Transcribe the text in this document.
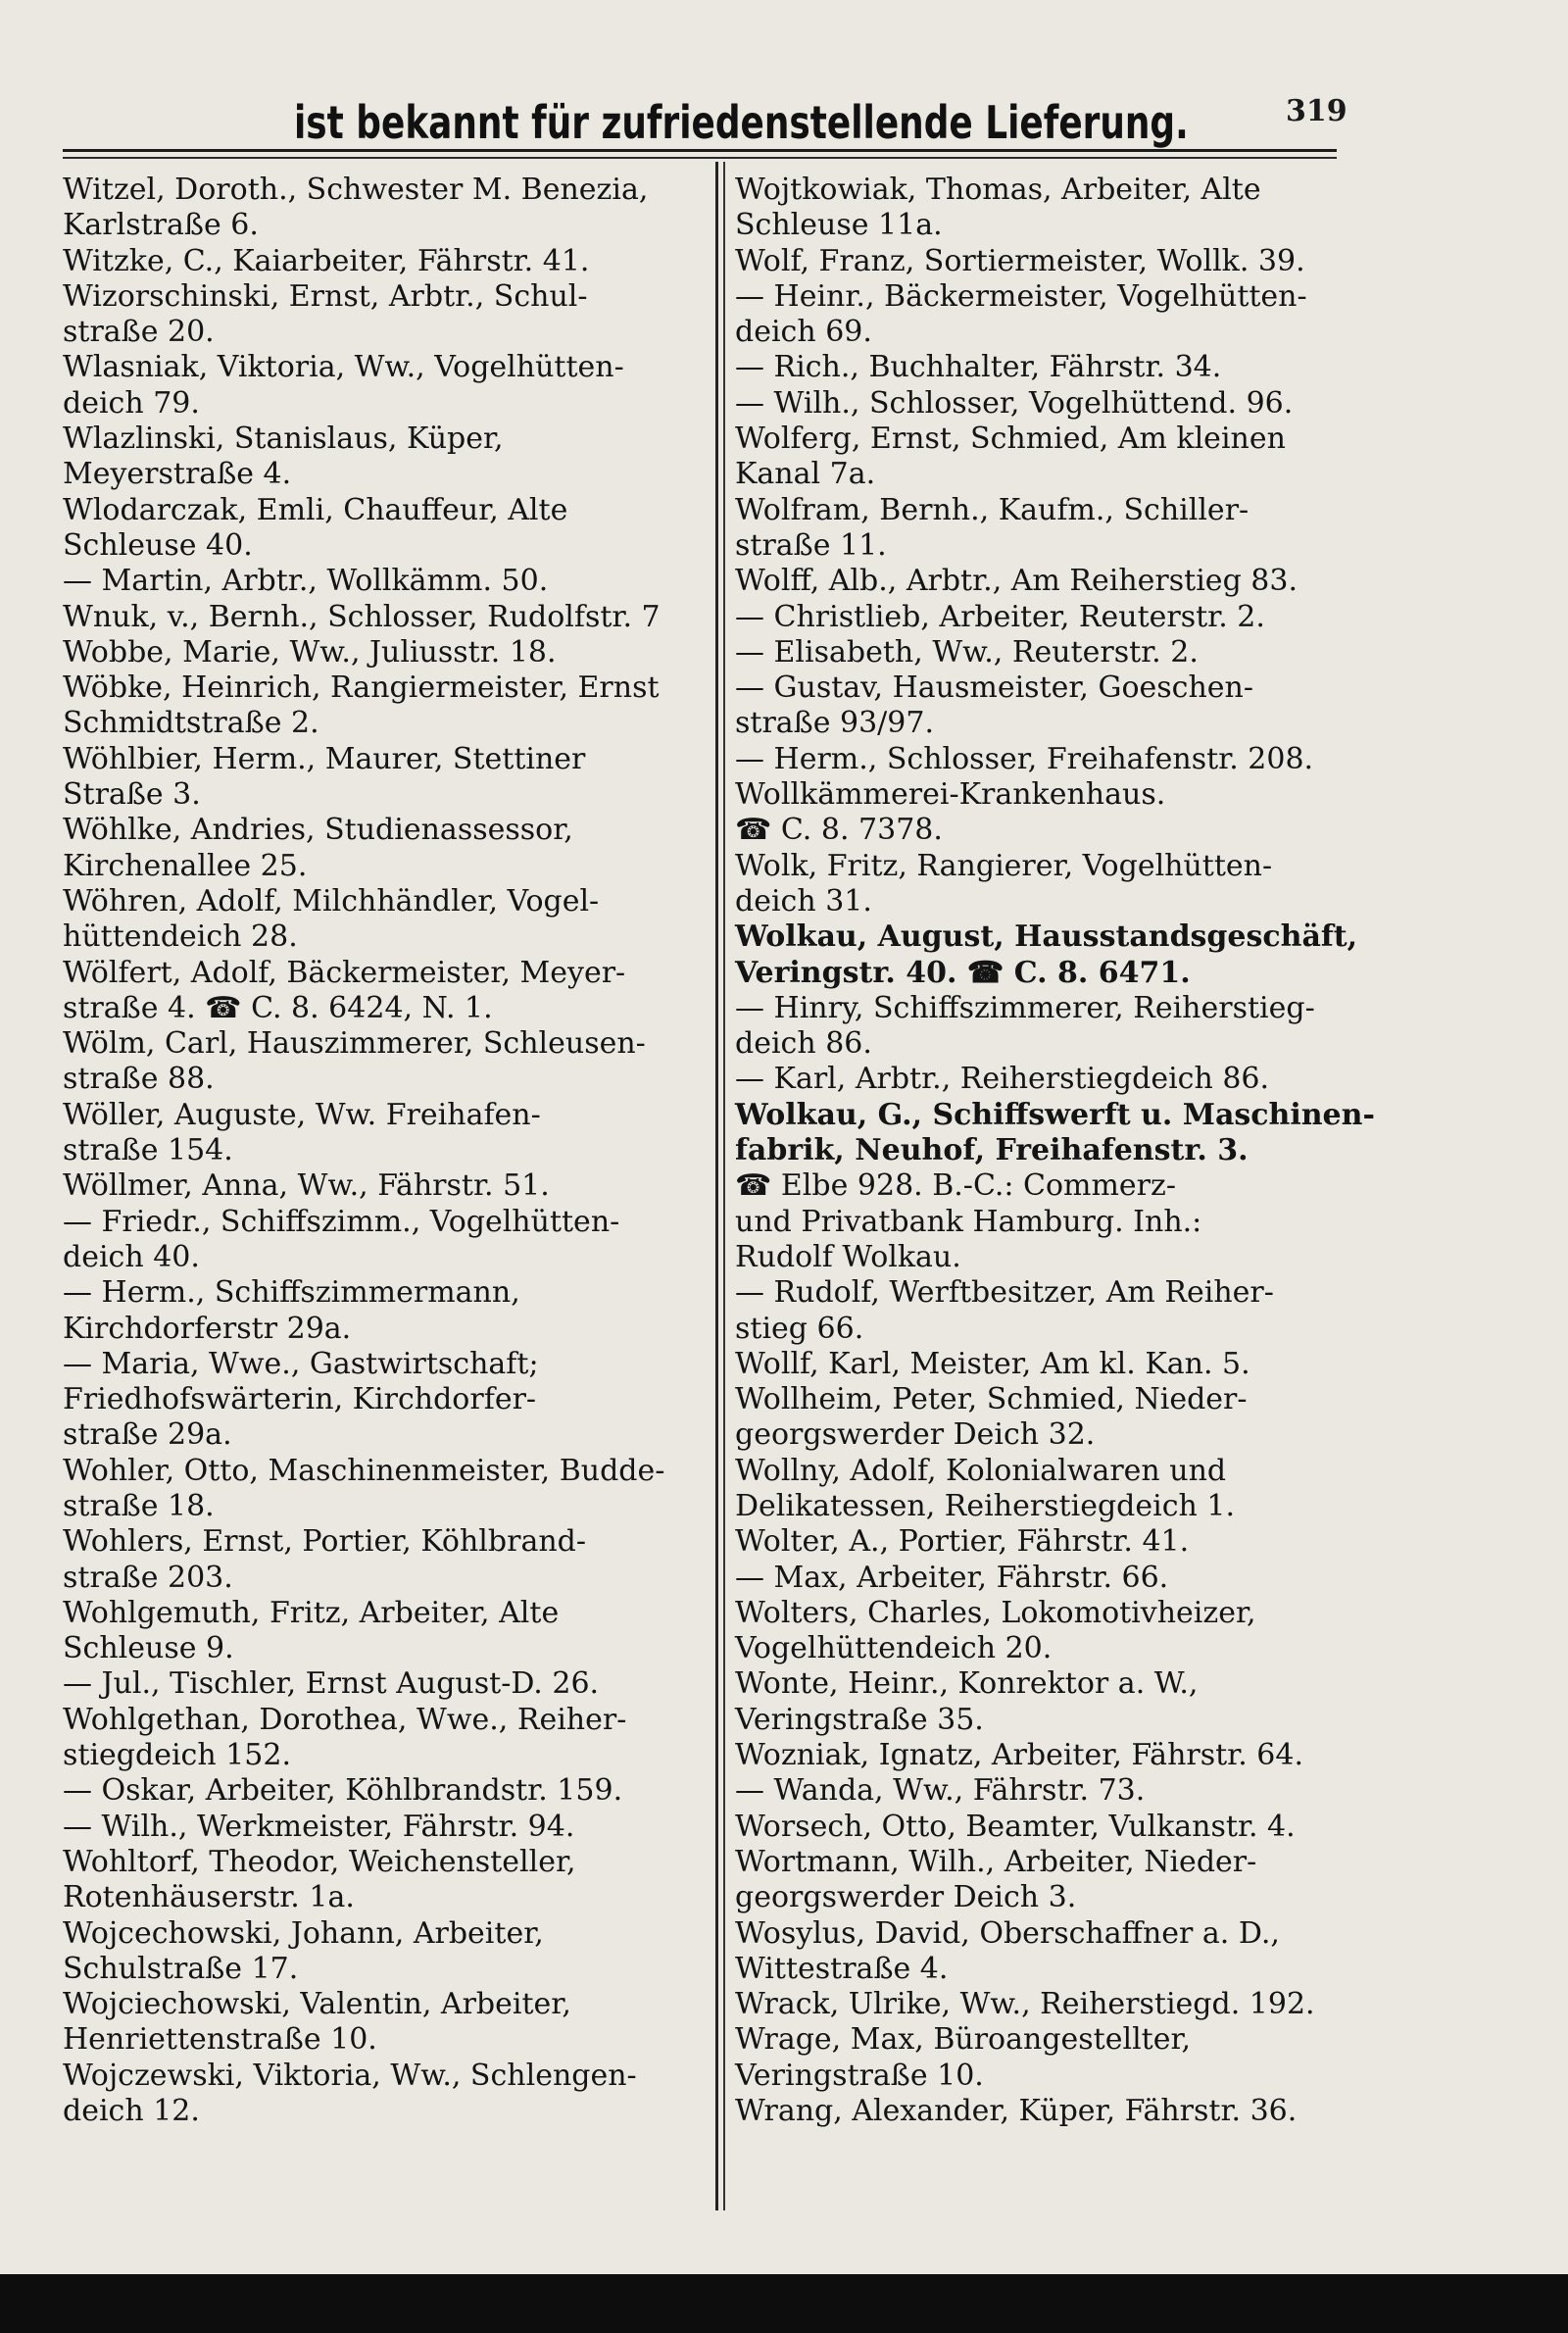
ist bekannt für zufriedenstellende Lieferung.	319
Witzel, Doroth., Schwester M. Benezia,
Karlstraße 6.
Witzke, C., Kaiarbeiter, Fährstr. 41.
Wizorschinski, Ernst, Arbtr., Schul-
straße 20.
Wlasniak, Viktoria, Ww., Vogelhütten-
deich 79.
Wlazlinski, Stanislaus, Küper,
Meyerstraße 4.
Wlodarczak, Emli, Chauffeur, Alte
Schleuse 40.
— Martin, Arbtr., Wollkämm. 50.
Wnuk, v., Bernh., Schlosser, Rudolfstr. 7
Wobbe, Marie, Ww., Juliusstr. 18.
Wöbke, Heinrich, Rangiermeister, Ernst
Schmidtstraße 2.
Wöhlbier, Herm., Maurer, Stettiner
Straße 3.
Wöhlke, Andries, Studienassessor,
Kirchenallee 25.
Wöhren, Adolf, Milchhändler, Vogel-
hüttendeich 28.
Wölfert, Adolf, Bäckermeister, Meyer-
straße 4. ☎ C. 8. 6424, N. 1.
Wölm, Carl, Hauszimmerer, Schleusen-
straße 88.
Wöller, Auguste, Ww. Freihafen-
straße 154.
Wöllmer, Anna, Ww., Fährstr. 51.
— Friedr., Schiffszimm., Vogelhütten-
deich 40.
— Herm., Schiffszimmermann,
Kirchdorferstr 29a.
— Maria, Wwe., Gastwirtschaft;
Friedhofswärterin, Kirchdorfer-
straße 29a.
Wohler, Otto, Maschinenmeister, Budde-
straße 18.
Wohlers, Ernst, Portier, Köhlbrand-
straße 203.
Wohlgemuth, Fritz, Arbeiter, Alte
Schleuse 9.
— Jul., Tischler, Ernst August-D. 26.
Wohlgethan, Dorothea, Wwe., Reiher-
stiegdeich 152.
— Oskar, Arbeiter, Köhlbrandstr. 159.
— Wilh., Werkmeister, Fährstr. 94.
Wohltorf, Theodor, Weichensteller,
Rotenhäuserstr. 1a.
Wojcechowski, Johann, Arbeiter,
Schulstraße 17.
Wojciechowski, Valentin, Arbeiter,
Henriettenstraße 10.
Wojczewski, Viktoria, Ww., Schlengen-
deich 12.
Wojtkowiak, Thomas, Arbeiter, Alte
Schleuse 11a.
Wolf, Franz, Sortiermeister, Wollk. 39.
— Heinr., Bäckermeister, Vogelhütten-
deich 69.
— Rich., Buchhalter, Fährstr. 34.
— Wilh., Schlosser, Vogelhüttend. 96.
Wolferg, Ernst, Schmied, Am kleinen
Kanal 7a.
Wolfram, Bernh., Kaufm., Schiller-
straße 11.
Wolff, Alb., Arbtr., Am Reiherstieg 83.
— Christlieb, Arbeiter, Reuterstr. 2.
— Elisabeth, Ww., Reuterstr. 2.
— Gustav, Hausmeister, Goeschen-
straße 93/97.
— Herm., Schlosser, Freihafenstr. 208.
Wollkämmerei-Krankenhaus.
☎ C. 8. 7378.
Wolk, Fritz, Rangierer, Vogelhütten-
deich 31.
Wolkau, August, Hausstandsgeschäft,
Veringstr. 40. ☎ C. 8. 6471.
— Hinry, Schiffszimmerer, Reiherstieg-
deich 86.
— Karl, Arbtr., Reiherstiegdeich 86.
Wolkau, G., Schiffswerft u. Maschinen-
fabrik, Neuhof, Freihafenstr. 3.
☎ Elbe 928. B.-C.: Commerz-
und Privatbank Hamburg. Inh.:
Rudolf Wolkau.
— Rudolf, Werftbesitzer, Am Reiher-
stieg 66.
Wollf, Karl, Meister, Am kl. Kan. 5.
Wollheim, Peter, Schmied, Nieder-
georgswerder Deich 32.
Wollny, Adolf, Kolonialwaren und
Delikatessen, Reiherstiegdeich 1.
Wolter, A., Portier, Fährstr. 41.
— Max, Arbeiter, Fährstr. 66.
Wolters, Charles, Lokomotivheizer,
Vogelhüttendeich 20.
Wonte, Heinr., Konrektor a. W.,
Veringstraße 35.
Wozniak, Ignatz, Arbeiter, Fährstr. 64.
— Wanda, Ww., Fährstr. 73.
Worsech, Otto, Beamter, Vulkanstr. 4.
Wortmann, Wilh., Arbeiter, Nieder-
georgswerder Deich 3.
Wosylus, David, Oberschaffner a. D.,
Wittestraße 4.
Wrack, Ulrike, Ww., Reiherstiegd. 192.
Wrage, Max, Büroangestellter,
Veringstraße 10.
Wrang, Alexander, Küper, Fährstr. 36.
